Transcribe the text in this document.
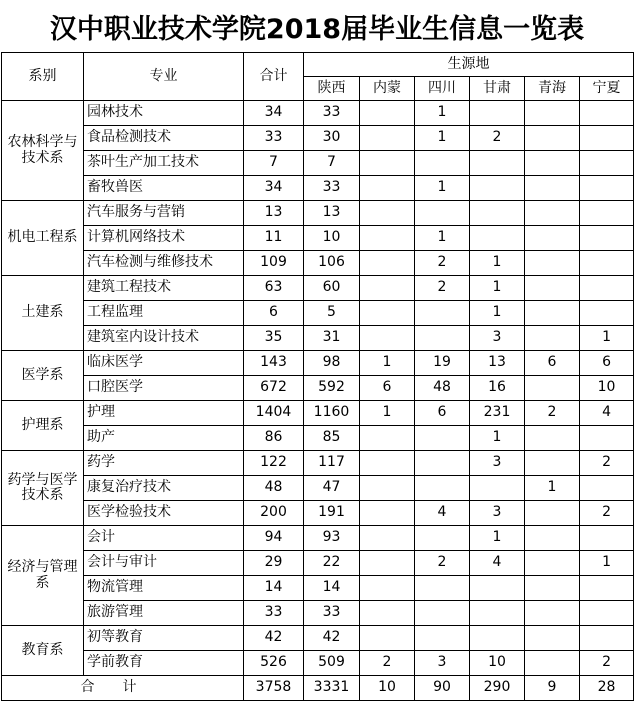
汉中职业技术学院2018届毕业生信息一览表
系别	专业	合计	生源地					
			陕西	内蒙	四川	甘肃	青海	宁夏
农林科学与技术系	园林技术	34	33		1			
	食品检测技术	33	30		1	2		
	茶叶生产加工技术	7	7					
	畜牧兽医	34	33		1			
机电工程系	汽车服务与营销	13	13					
	计算机网络技术	11	10		1			
	汽车检测与维修技术	109	106		2	1		
土建系	建筑工程技术	63	60		2	1		
	工程监理	6	5			1		
	建筑室内设计技术	35	31			3		1
医学系	临床医学	143	98	1	19	13	6	6
	口腔医学	672	592	6	48	16		10
护理系	护理	1404	1160	1	6	231	2	4
	助产	86	85			1		
药学与医学技术系	药学	122	117			3		2
	康复治疗技术	48	47				1	
	医学检验技术	200	191		4	3		2
经济与管理系	会计	94	93			1		
	会计与审计	29	22		2	4		1
	物流管理	14	14					
	旅游管理	33	33					
教育系	初等教育	42	42					
	学前教育	526	509	2	3	10		2
合计		3758	3331	10	90	290	9	28
